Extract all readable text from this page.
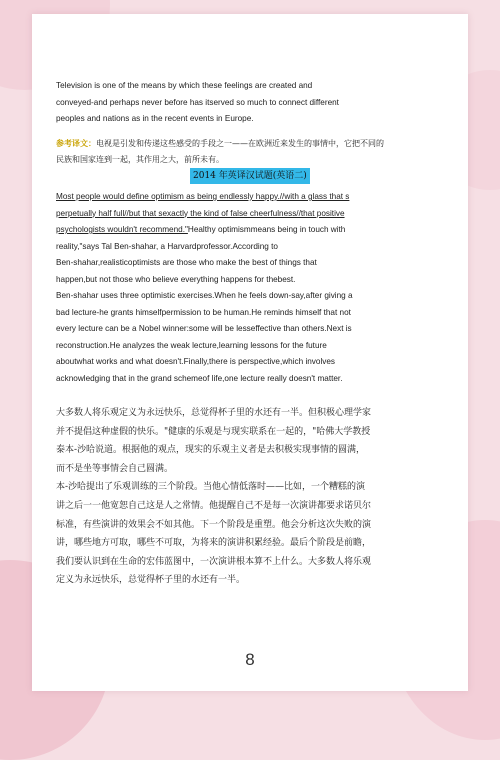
Television is one of the means by which these feelings are created and

conveyed-and perhaps never before has itserved so much to connect different

peoples and nations as in the recent events in Europe.

参考译文：电视是引发和传递这些感受的手段之一——在欧洲近来发生的事情中，它把不同的
民族和国家连到一起，其作用之大，前所未有。
2014 年英译汉试题(英语二)

Most people would define optimism as being endlessly happy.//with a glass that s

perpetually half full//but that sexactly the kind of false cheerfulness//that positive

psychologists wouldn't recommend."Healthy optimismmeans being in touch with

reality,"says Tal Ben-shahar, a Harvardprofessor.According to

Ben-shahar,realisticoptimists are those who make the best of things that

happen,but not those who believe everything happens for thebest.

Ben-shahar uses three optimistic exercises.When he feels down-say,after giving a

bad lecture-he grants himselfpermission to be human.He reminds himself that not

every lecture can be a Nobel winner:some will be lesseffective than others.Next is

reconstruction.He analyzes the weak lecture,learning lessons for the future

aboutwhat works and what doesn't.Finally,there is perspective,which involves

acknowledging that in the grand schemeof life,one lecture really doesn't matter.

大多数人将乐观定义为永远快乐，总觉得杯子里的水还有一半。但积极心理学家

并不提倡这种虚假的快乐。"健康的乐观是与现实联系在一起的，"哈佛大学教授

泰本-沙哈说道。根据他的观点，现实的乐观主义者是去积极实现事情的圆满，

而不是坐等事情会自己圆满。

本-沙哈提出了乐观训练的三个阶段。当他心情低落时——比如，一个糟糕的演

讲之后一一他宽恕自己这是人之常情。他提醒自己不是每一次演讲都要求诺贝尔

标准，有些演讲的效果会不如其他。下一个阶段是重塑。他会分析这次失败的演

讲，哪些地方可取，哪些不可取，为将来的演讲积累经验。最后个阶段是前瞻，

我们要认识到在生命的宏伟蓝图中，一次演讲根本算不上什么。大多数人将乐观

定义为永远快乐，总觉得杯子里的水还有一半。

8
